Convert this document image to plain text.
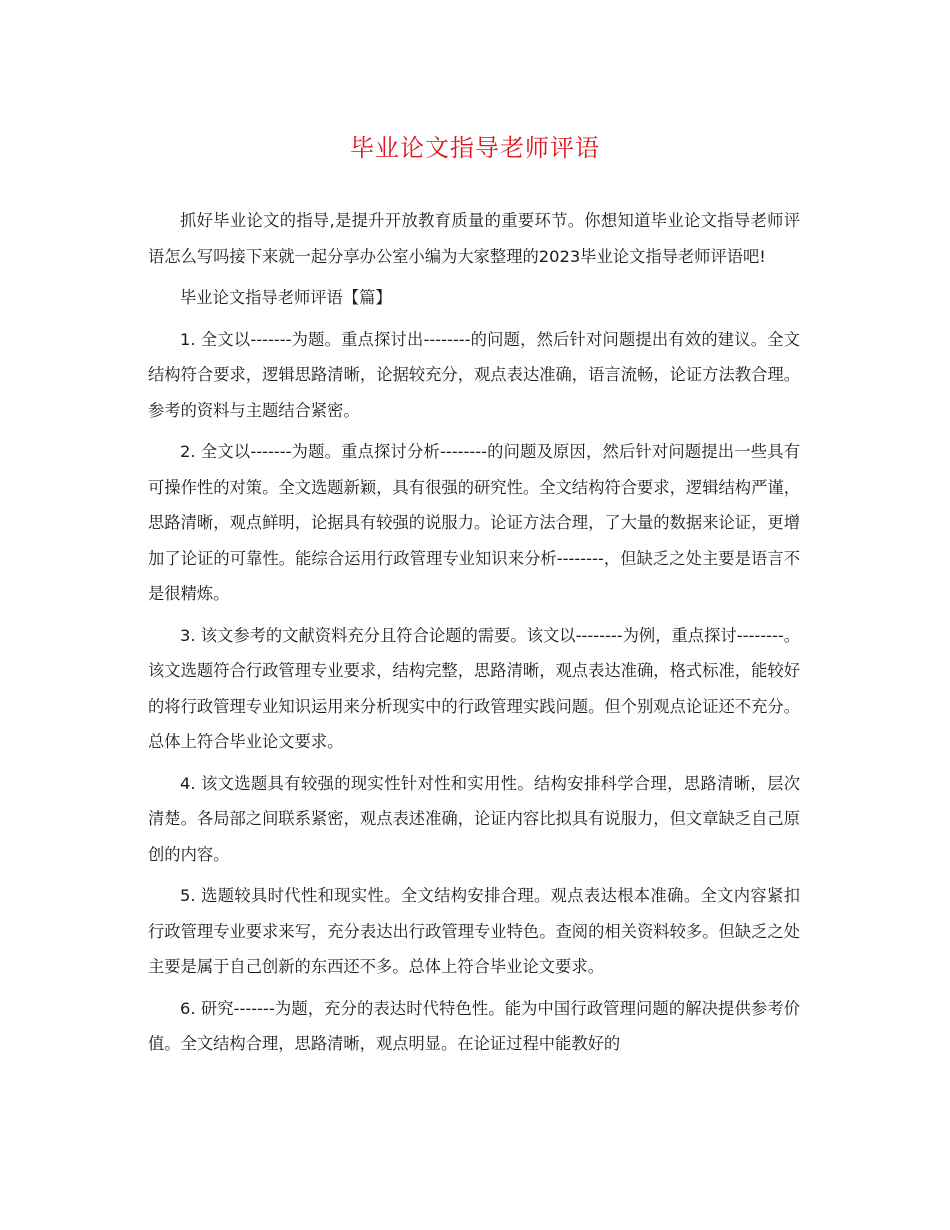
毕业论文指导老师评语

抓好毕业论文的指导,是提升开放教育质量的重要环节。你想知道毕业论文指导老师评语怎么写吗接下来就一起分享办公室小编为大家整理的2023毕业论文指导老师评语吧!

毕业论文指导老师评语【篇】

1. 全文以-------为题。重点探讨出--------的问题，然后针对问题提出有效的建议。全文结构符合要求，逻辑思路清晰，论据较充分，观点表达准确，语言流畅，论证方法教合理。参考的资料与主题结合紧密。

2. 全文以-------为题。重点探讨分析--------的问题及原因，然后针对问题提出一些具有可操作性的对策。全文选题新颖，具有很强的研究性。全文结构符合要求，逻辑结构严谨，思路清晰，观点鲜明，论据具有较强的说服力。论证方法合理，了大量的数据来论证，更增加了论证的可靠性。能综合运用行政管理专业知识来分析--------，但缺乏之处主要是语言不是很精炼。

3. 该文参考的文献资料充分且符合论题的需要。该文以--------为例，重点探讨--------。该文选题符合行政管理专业要求，结构完整，思路清晰，观点表达准确，格式标准，能较好的将行政管理专业知识运用来分析现实中的行政管理实践问题。但个别观点论证还不充分。总体上符合毕业论文要求。

4. 该文选题具有较强的现实性针对性和实用性。结构安排科学合理，思路清晰，层次清楚。各局部之间联系紧密，观点表述准确，论证内容比拟具有说服力，但文章缺乏自己原创的内容。

5. 选题较具时代性和现实性。全文结构安排合理。观点表达根本准确。全文内容紧扣行政管理专业要求来写，充分表达出行政管理专业特色。查阅的相关资料较多。但缺乏之处主要是属于自己创新的东西还不多。总体上符合毕业论文要求。

6. 研究-------为题，充分的表达时代特色性。能为中国行政管理问题的解决提供参考价值。全文结构合理，思路清晰，观点明显。在论证过程中能教好的
